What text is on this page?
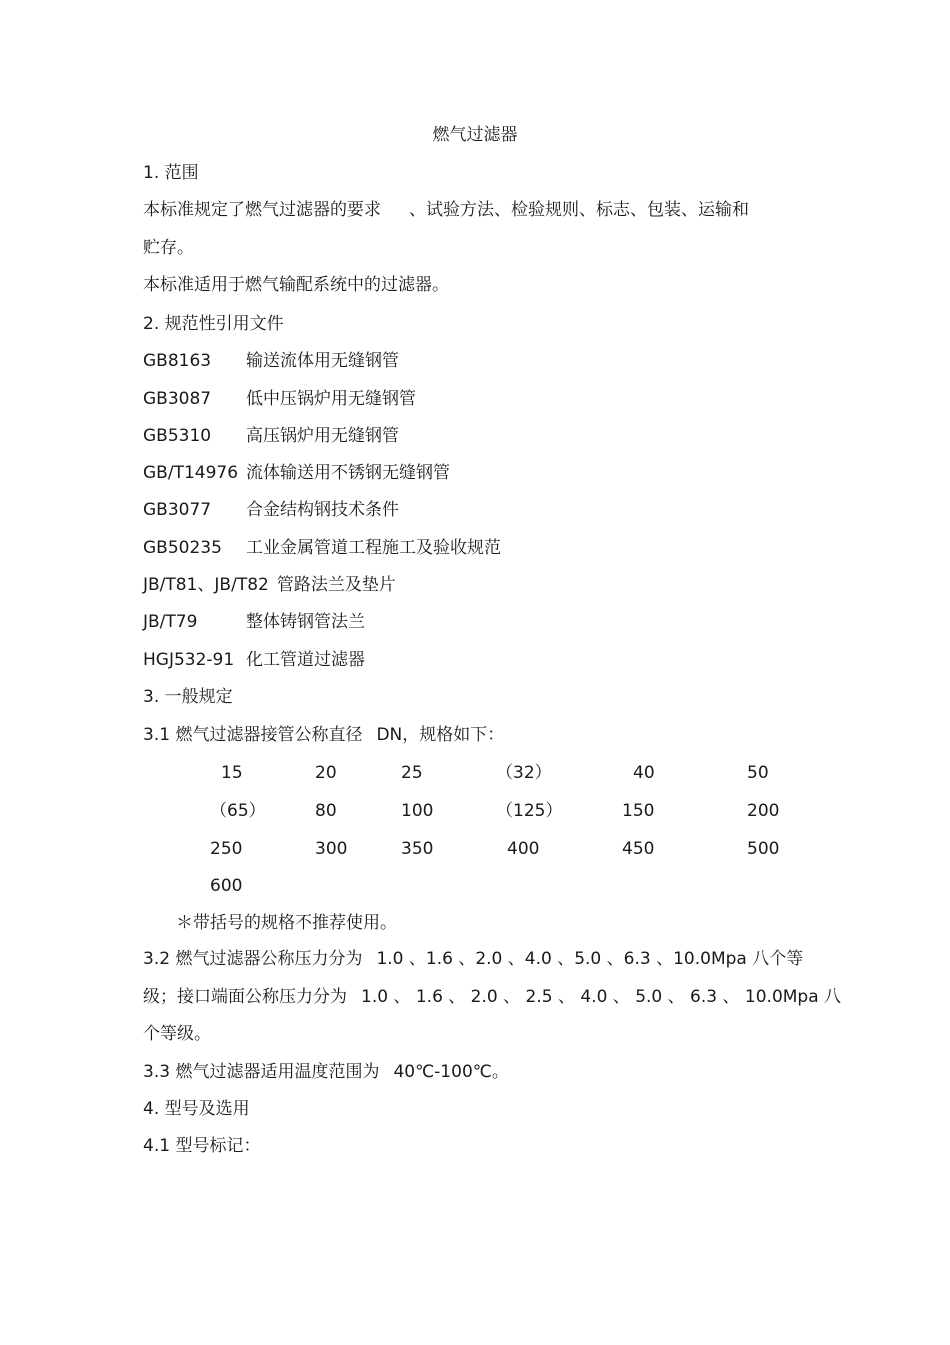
燃气过滤器
1. 范围
本标准规定了燃气过滤器的要求 、试验方法、检验规则、标志、包装、运输和
贮存。
本标准适用于燃气输配系统中的过滤器。
2. 规范性引用文件
GB8163 输送流体用无缝钢管
GB3087 低中压锅炉用无缝钢管
GB5310 高压锅炉用无缝钢管
GB/T14976 流体输送用不锈钢无缝钢管
GB3077 合金结构钢技术条件
GB50235 工业金属管道工程施工及验收规范
JB/T81、JB/T82 管路法兰及垫片
JB/T79	整体铸钢管法兰
HGJ532-91 化工管道过滤器
3. 一般规定
3.1 燃气过滤器接管公称直径 DN，规格如下：
15	20	25	（32）	40	50
（65）	80	100	（125）	150	200
250	300	350	400	450	500
600
＊带括号的规格不推荐使用。
3.2 燃气过滤器公称压力分为 1.0 、1.6 、2.0 、4.0 、5.0 、6.3 、10.0Mpa 八个等
级；接口端面公称压力分为 1.0 、 1.6 、 2.0 、 2.5 、 4.0 、 5.0 、 6.3 、 10.0Mpa 八
个等级。
3.3 燃气过滤器适用温度范围为 40℃-100℃。
4. 型号及选用
4.1 型号标记：
